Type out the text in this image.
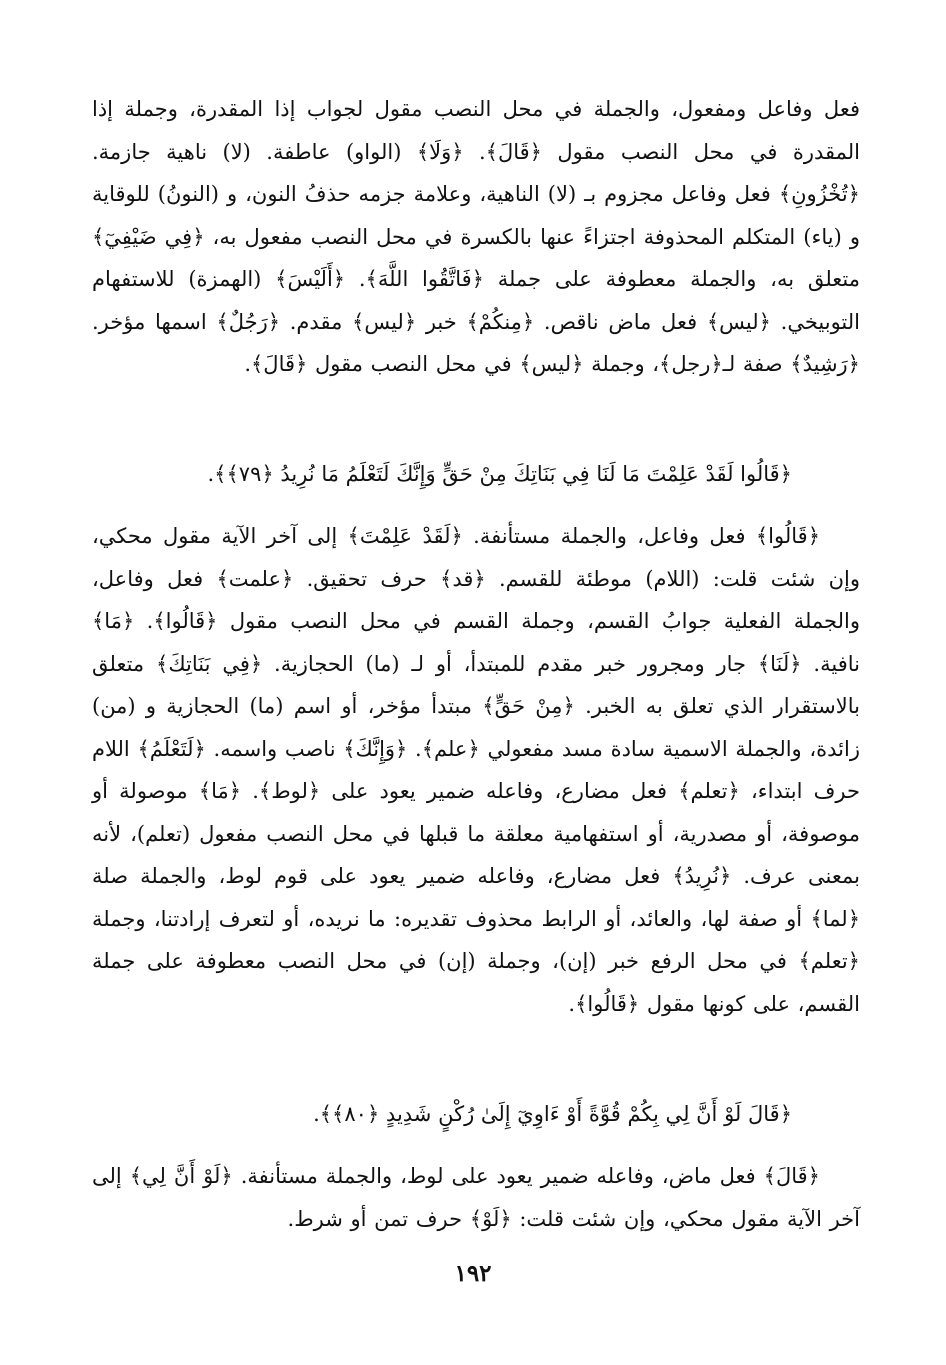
فعل وفاعل ومفعول، والجملة في محل النصب مقول لجواب إذا المقدرة، وجملة إذا المقدرة في محل النصب مقول ﴿قَالَ﴾. ﴿وَلَا﴾ (الواو) عاطفة. (لا) ناهية جازمة. ﴿تُخْزُونِ﴾ فعل وفاعل مجزوم بـ (لا) الناهية، وعلامة جزمه حذفُ النون، و (النونُ) للوقاية و (ياء) المتكلم المحذوفة اجتزاءً عنها بالكسرة في محل النصب مفعول به، ﴿فِي ضَيْفِيٓ﴾ متعلق به، والجملة معطوفة على جملة ﴿فَاتَّقُوا اللَّهَ﴾. ﴿أَلَيْسَ﴾ (الهمزة) للاستفهام التوبيخي. ﴿ليس﴾ فعل ماض ناقص. ﴿مِنكُمْ﴾ خبر ﴿ليس﴾ مقدم. ﴿رَجُلٌ﴾ اسمها مؤخر. ﴿رَشِيدٌ﴾ صفة لـ﴿رجل﴾، وجملة ﴿ليس﴾ في محل النصب مقول ﴿قَالَ﴾.

﴿قَالُوا لَقَدْ عَلِمْتَ مَا لَنَا فِي بَنَاتِكَ مِنْ حَقٍّ وَإِنَّكَ لَتَعْلَمُ مَا نُرِيدُ ﴿٧٩﴾﴾.

﴿قَالُوا﴾ فعل وفاعل، والجملة مستأنفة. ﴿لَقَدْ عَلِمْتَ﴾ إلى آخر الآية مقول محكي، وإن شئت قلت: (اللام) موطئة للقسم. ﴿قد﴾ حرف تحقيق. ﴿علمت﴾ فعل وفاعل، والجملة الفعلية جوابُ القسم، وجملة القسم في محل النصب مقول ﴿قَالُوا﴾. ﴿مَا﴾ نافية. ﴿لَنَا﴾ جار ومجرور خبر مقدم للمبتدأ، أو لـ (ما) الحجازية. ﴿فِي بَنَاتِكَ﴾ متعلق بالاستقرار الذي تعلق به الخبر. ﴿مِنْ حَقٍّ﴾ مبتدأ مؤخر، أو اسم (ما) الحجازية و (من) زائدة، والجملة الاسمية سادة مسد مفعولي ﴿علم﴾. ﴿وَإِنَّكَ﴾ ناصب واسمه. ﴿لَتَعْلَمُ﴾ اللام حرف ابتداء، ﴿تعلم﴾ فعل مضارع، وفاعله ضمير يعود على ﴿لوط﴾. ﴿مَا﴾ موصولة أو موصوفة، أو مصدرية، أو استفهامية معلقة ما قبلها في محل النصب مفعول (تعلم)، لأنه بمعنى عرف. ﴿نُرِيدُ﴾ فعل مضارع، وفاعله ضمير يعود على قوم لوط، والجملة صلة ﴿لما﴾ أو صفة لها، والعائد، أو الرابط محذوف تقديره: ما نريده، أو لتعرف إرادتنا، وجملة ﴿تعلم﴾ في محل الرفع خبر (إن)، وجملة (إن) في محل النصب معطوفة على جملة القسم، على كونها مقول ﴿قَالُوا﴾.

﴿قَالَ لَوْ أَنَّ لِي بِكُمْ قُوَّةً أَوْ ءَاوِيٓ إِلَىٰ رُكْنٍ شَدِيدٍ ﴿٨٠﴾﴾.

﴿قَالَ﴾ فعل ماض، وفاعله ضمير يعود على لوط، والجملة مستأنفة. ﴿لَوْ أَنَّ لِي﴾ إلى آخر الآية مقول محكي، وإن شئت قلت: ﴿لَوْ﴾ حرف تمن أو شرط.

١٩٢
